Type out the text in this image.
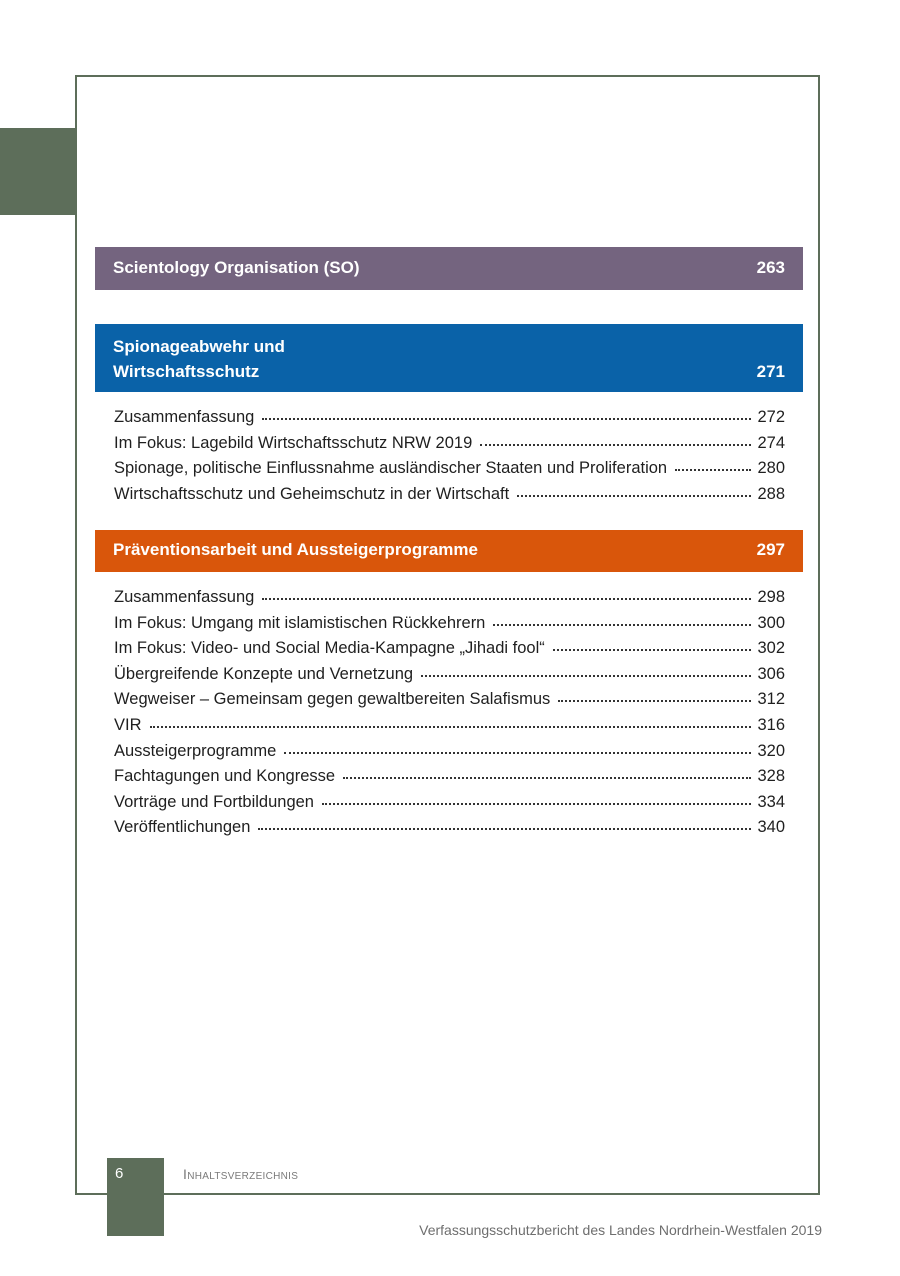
Scientology Organisation (SO)	263
Spionageabwehr und Wirtschaftsschutz	271
Zusammenfassung	272
Im Fokus: Lagebild Wirtschaftsschutz NRW 2019	274
Spionage, politische Einflussnahme ausländischer Staaten und Proliferation	280
Wirtschaftsschutz und Geheimschutz in der Wirtschaft	288
Präventionsarbeit und Aussteigerprogramme	297
Zusammenfassung	298
Im Fokus: Umgang mit islamistischen Rückkehrern	300
Im Fokus: Video- und Social Media-Kampagne „Jihadi fool“	302
Übergreifende Konzepte und Vernetzung	306
Wegweiser – Gemeinsam gegen gewaltbereiten Salafismus	312
VIR	316
Aussteigerprogramme	320
Fachtagungen und Kongresse	328
Vorträge und Fortbildungen	334
Veröffentlichungen	340
6	Inhaltsverzeichnis
Verfassungsschutzbericht des Landes Nordrhein-Westfalen 2019
